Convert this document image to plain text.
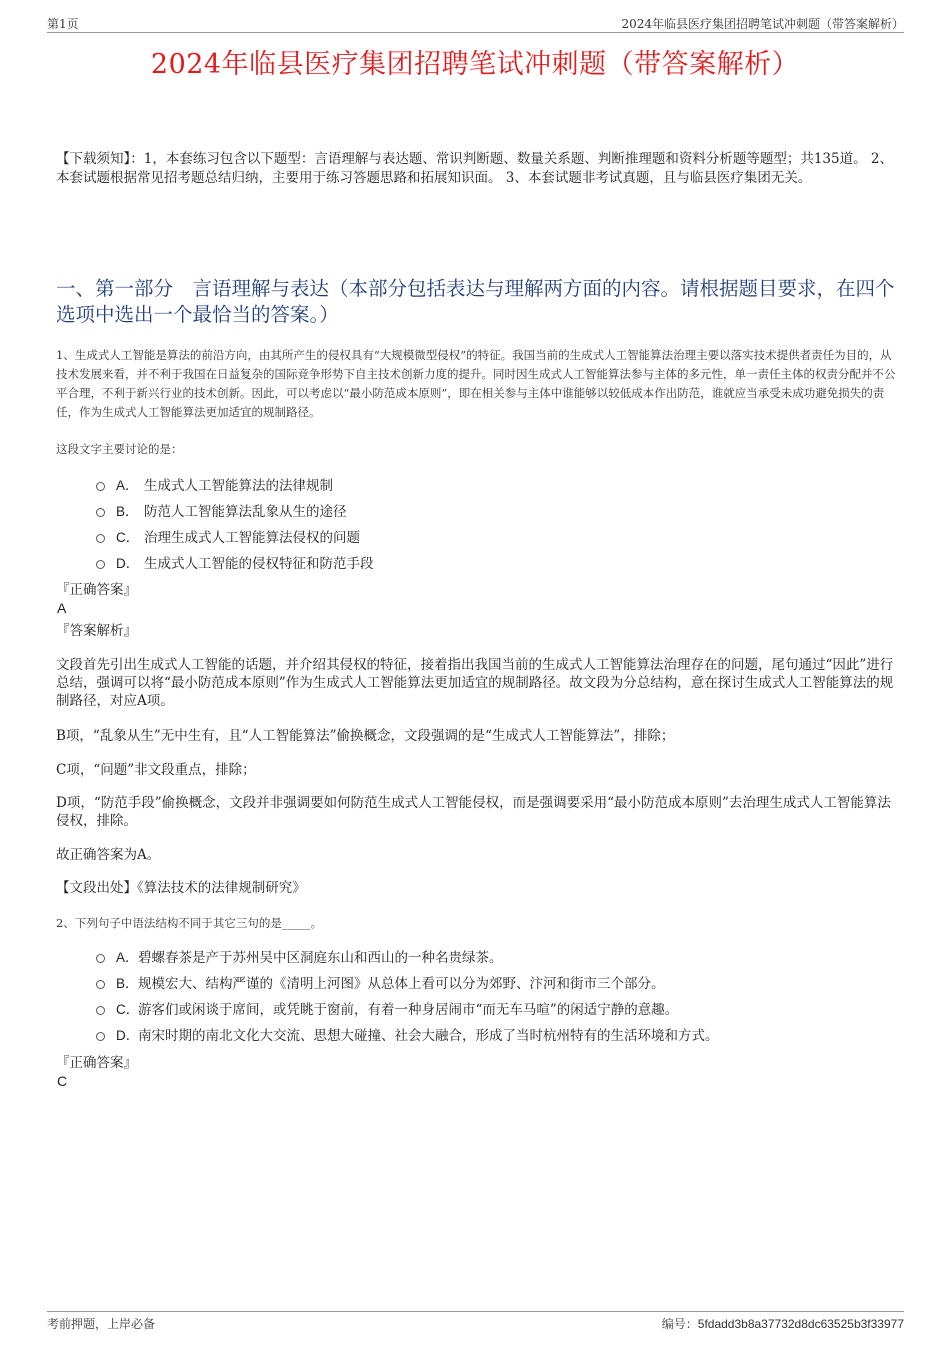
第1页	2024年临县医疗集团招聘笔试冲刺题（带答案解析）
2024年临县医疗集团招聘笔试冲刺题（带答案解析）
【下载须知】：1，本套练习包含以下题型：言语理解与表达题、常识判断题、数量关系题、判断推理题和资料分析题等题型；共135道。 2、本套试题根据常见招考题总结归纳，主要用于练习答题思路和拓展知识面。 3、本套试题非考试真题，且与临县医疗集团无关。
一、第一部分　言语理解与表达（本部分包括表达与理解两方面的内容。请根据题目要求，在四个选项中选出一个最恰当的答案。）
1、生成式人工智能是算法的前沿方向，由其所产生的侵权具有“大规模微型侵权”的特征。我国当前的生成式人工智能算法治理主要以落实技术提供者责任为目的，从技术发展来看，并不利于我国在日益复杂的国际竞争形势下自主技术创新力度的提升。同时因生成式人工智能算法参与主体的多元性，单一责任主体的权责分配并不公平合理，不利于新兴行业的技术创新。因此，可以考虑以“最小防范成本原则”，即在相关参与主体中谁能够以较低成本作出防范，谁就应当承受未成功避免损失的责任，作为生成式人工智能算法更加适宜的规制路径。
这段文字主要讨论的是：
A． 生成式人工智能算法的法律规制
B． 防范人工智能算法乱象从生的途径
C． 治理生成式人工智能算法侵权的问题
D． 生成式人工智能的侵权特征和防范手段
『正确答案』
A
『答案解析』
文段首先引出生成式人工智能的话题，并介绍其侵权的特征，接着指出我国当前的生成式人工智能算法治理存在的问题，尾句通过“因此”进行总结，强调可以将“最小防范成本原则”作为生成式人工智能算法更加适宜的规制路径。故文段为分总结构，意在探讨生成式人工智能算法的规制路径，对应A项。
B项，“乱象从生”无中生有，且“人工智能算法”偷换概念，文段强调的是“生成式人工智能算法”，排除；
C项，“问题”非文段重点，排除；
D项，“防范手段”偷换概念，文段并非强调要如何防范生成式人工智能侵权，而是强调要采用“最小防范成本原则”去治理生成式人工智能算法侵权，排除。
故正确答案为A。
【文段出处】《算法技术的法律规制研究》
2、下列句子中语法结构不同于其它三句的是_____。
A． 碧螺春茶是产于苏州吴中区洞庭东山和西山的一种名贵绿茶。
B． 规模宏大、结构严谨的《清明上河图》从总体上看可以分为郊野、汴河和街市三个部分。
C．
游客们或闲谈于席间，或凭眺于窗前，有着一种身居闹市“而无车马喧”的闲适宁静的意趣。
D．
南宋时期的南北文化大交流、思想大碰撞、社会大融合，形成了当时杭州特有的生活环境和方式。
『正确答案』
C
考前押题，上岸必备	编号：5fdadd3b8a37732d8dc63525b3f33977
